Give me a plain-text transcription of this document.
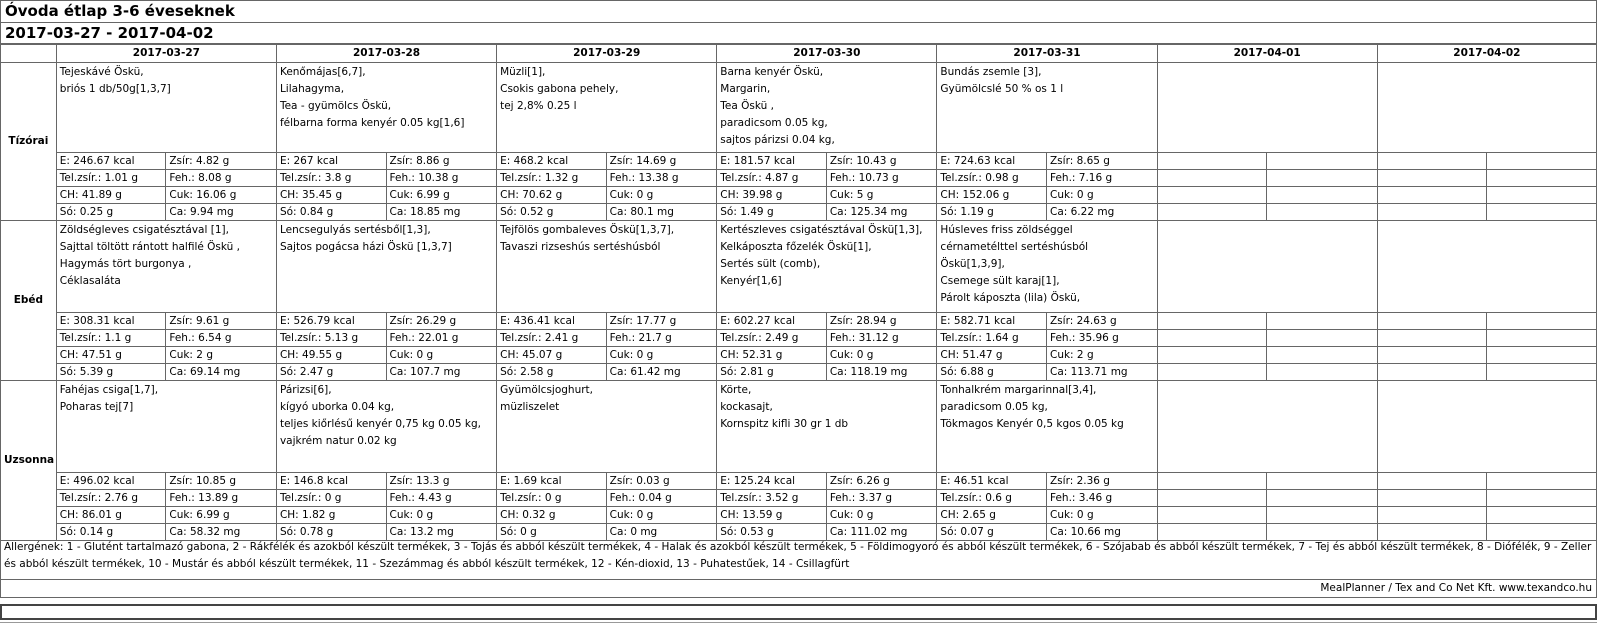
Óvoda étlap 3-6 éveseknek
2017-03-27 - 2017-04-02
	2017-03-27		2017-03-28		2017-03-29		2017-03-30		2017-03-31		2017-04-01		2017-04-02	
Tízórai	Tejeskávé Öskü,
briós 1 db/50g[1,3,7]		Kenőmájas[6,7],
Lilahagyma,
Tea - gyümölcs Öskü,
félbarna forma kenyér 0.05 kg[1,6]		Müzli[1],
Csokis gabona pehely,
tej 2,8% 0.25 l		Barna kenyér Öskü,
Margarin,
Tea Öskü ,
paradicsom 0.05 kg,
sajtos párizsi 0.04 kg,		Bundás zsemle [3],
Gyümölcslé 50 % os 1 l					

	E: 246.67 kcal	Zsír: 4.82 g	E: 267 kcal	Zsír: 8.86 g	E: 468.2 kcal	Zsír: 14.69 g	E: 181.57 kcal	Zsír: 10.43 g	E: 724.63 kcal	Zsír: 8.65 g				
	Tel.zsír.: 1.01 g	Feh.: 8.08 g	Tel.zsír.: 3.8 g	Feh.: 10.38 g	Tel.zsír.: 1.32 g	Feh.: 13.38 g	Tel.zsír.: 4.87 g	Feh.: 10.73 g	Tel.zsír.: 0.98 g	Feh.: 7.16 g				
	CH: 41.89 g	Cuk: 16.06 g	CH: 35.45 g	Cuk: 6.99 g	CH: 70.62 g	Cuk: 0 g	CH: 39.98 g	Cuk: 5 g	CH: 152.06 g	Cuk: 0 g				
	Só: 0.25 g	Ca: 9.94 mg	Só: 0.84 g	Ca: 18.85 mg	Só: 0.52 g	Ca: 80.1 mg	Só: 1.49 g	Ca: 125.34 mg	Só: 1.19 g	Ca: 6.22 mg				
Ebéd	Zöldségleves csigatésztával [1],
Sajttal töltött rántott halfilé Öskü ,
Hagymás tört burgonya ,
Céklasaláta		Lencsegulyás sertésből[1,3],
Sajtos pogácsa házi Öskü [1,3,7]		Tejfölös gombaleves Öskü[1,3,7],
Tavaszi rizseshús sertéshúsból		Kertészleves csigatésztával Öskü[1,3],
Kelkáposzta főzelék Öskü[1],
Sertés sült (comb),
Kenyér[1,6]		Húsleves friss zöldséggel
cérnametélttel sertéshúsból
Öskü[1,3,9],
Csemege sült karaj[1],
Párolt káposzta (lila) Öskü,					

	E: 308.31 kcal	Zsír: 9.61 g	E: 526.79 kcal	Zsír: 26.29 g	E: 436.41 kcal	Zsír: 17.77 g	E: 602.27 kcal	Zsír: 28.94 g	E: 582.71 kcal	Zsír: 24.63 g				
	Tel.zsír.: 1.1 g	Feh.: 6.54 g	Tel.zsír.: 5.13 g	Feh.: 22.01 g	Tel.zsír.: 2.41 g	Feh.: 21.7 g	Tel.zsír.: 2.49 g	Feh.: 31.12 g	Tel.zsír.: 1.64 g	Feh.: 35.96 g				
	CH: 47.51 g	Cuk: 2 g	CH: 49.55 g	Cuk: 0 g	CH: 45.07 g	Cuk: 0 g	CH: 52.31 g	Cuk: 0 g	CH: 51.47 g	Cuk: 2 g				
	Só: 5.39 g	Ca: 69.14 mg	Só: 2.47 g	Ca: 107.7 mg	Só: 2.58 g	Ca: 61.42 mg	Só: 2.81 g	Ca: 118.19 mg	Só: 6.88 g	Ca: 113.71 mg				
Uzsonna	Fahéjas csiga[1,7],
Poharas tej[7]		Párizsi[6],
kígyó uborka 0.04 kg,
teljes kiőrlésű kenyér 0,75 kg 0.05 kg,
vajkrém natur 0.02 kg		Gyümölcsjoghurt,
müzliszelet		Körte,
kockasajt,
Kornspitz kifli 30 gr 1 db		Tonhalkrém margarinnal[3,4],
paradicsom 0.05 kg,
Tökmagos Kenyér 0,5 kgos 0.05 kg					

	E: 496.02 kcal	Zsír: 10.85 g	E: 146.8 kcal	Zsír: 13.3 g	E: 1.69 kcal	Zsír: 0.03 g	E: 125.24 kcal	Zsír: 6.26 g	E: 46.51 kcal	Zsír: 2.36 g				
	Tel.zsír.: 2.76 g	Feh.: 13.89 g	Tel.zsír.: 0 g	Feh.: 4.43 g	Tel.zsír.: 0 g	Feh.: 0.04 g	Tel.zsír.: 3.52 g	Feh.: 3.37 g	Tel.zsír.: 0.6 g	Feh.: 3.46 g				
	CH: 86.01 g	Cuk: 6.99 g	CH: 1.82 g	Cuk: 0 g	CH: 0.32 g	Cuk: 0 g	CH: 13.59 g	Cuk: 0 g	CH: 2.65 g	Cuk: 0 g				
	Só: 0.14 g	Ca: 58.32 mg	Só: 0.78 g	Ca: 13.2 mg	Só: 0 g	Ca: 0 mg	Só: 0.53 g	Ca: 111.02 mg	Só: 0.07 g	Ca: 10.66 mg				
Allergének: 1 - Glutént tartalmazó gabona, 2 - Rákfélék és azokból készült termékek, 3 - Tojás és abból készült termékek, 4 - Halak és azokból készült termékek, 5 - Földimogyoró és abból készült termékek, 6 - Szójabab és abból készült termékek, 7 - Tej és abból készült termékek, 8 - Diófélék, 9 - Zeller és abból készült termékek, 10 - Mustár és abból készült termékek, 11 - Szezámmag és abból készült termékek, 12 - Kén-dioxid, 13 - Puhatestűek, 14 - Csillagfürt
MealPlanner / Tex and Co Net Kft. www.texandco.hu
